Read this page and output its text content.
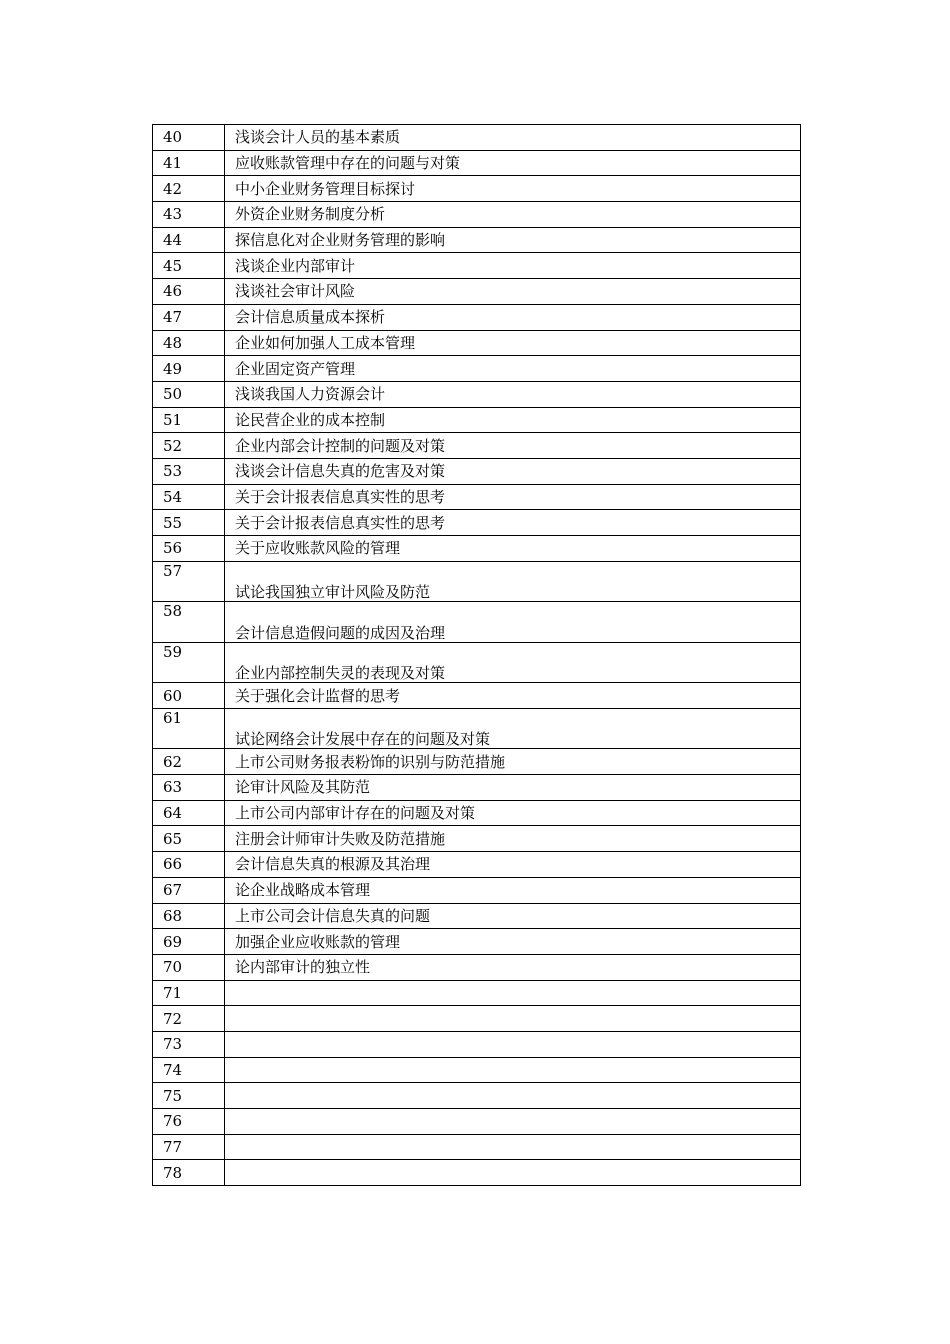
40	浅谈会计人员的基本素质
41	应收账款管理中存在的问题与对策
42	中小企业财务管理目标探讨
43	外资企业财务制度分析
44	探信息化对企业财务管理的影响
45	浅谈企业内部审计
46	浅谈社会审计风险
47	会计信息质量成本探析
48	企业如何加强人工成本管理
49	企业固定资产管理
50	浅谈我国人力资源会计
51	论民营企业的成本控制
52	企业内部会计控制的问题及对策
53	浅谈会计信息失真的危害及对策
54	关于会计报表信息真实性的思考
55	关于会计报表信息真实性的思考
56	关于应收账款风险的管理
57	试论我国独立审计风险及防范
58	会计信息造假问题的成因及治理
59	企业内部控制失灵的表现及对策
60	关于强化会计监督的思考
61	试论网络会计发展中存在的问题及对策
62	上市公司财务报表粉饰的识别与防范措施
63	论审计风险及其防范
64	上市公司内部审计存在的问题及对策
65	注册会计师审计失败及防范措施
66	会计信息失真的根源及其治理
67	论企业战略成本管理
68	上市公司会计信息失真的问题
69	加强企业应收账款的管理
70	论内部审计的独立性
71	
72	
73	
74	
75	
76	
77	
78	
